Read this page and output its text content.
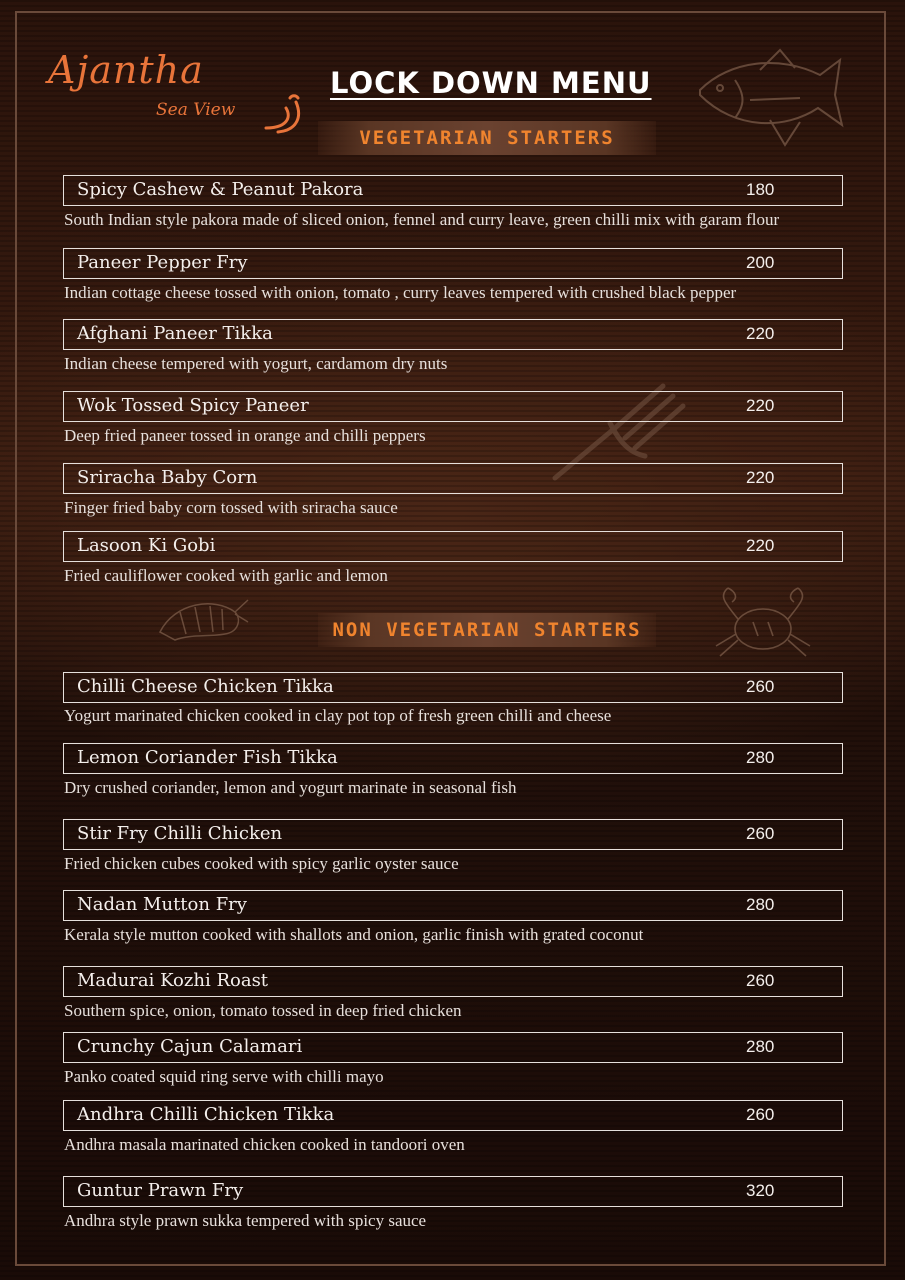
Ajantha
Sea View
LOCK DOWN MENU
VEGETARIAN STARTERS
NON VEGETARIAN STARTERS
Spicy Cashew & Peanut Pakora	180
South Indian style pakora made of sliced onion, fennel and curry leave, green chilli mix with garam flour
Paneer Pepper Fry	200
Indian cottage cheese tossed with onion, tomato , curry leaves tempered with crushed black pepper
Afghani Paneer Tikka	220
Indian cheese tempered with yogurt, cardamom dry nuts
Wok Tossed Spicy Paneer	220
Deep fried paneer tossed in orange and chilli peppers
Sriracha Baby Corn	220
Finger fried baby corn tossed with sriracha sauce
Lasoon Ki Gobi	220
Fried cauliflower cooked with garlic and lemon
Chilli Cheese Chicken Tikka	260
Yogurt marinated chicken cooked in clay pot top of fresh green chilli and cheese
Lemon Coriander Fish Tikka	280
Dry crushed coriander, lemon and yogurt marinate in seasonal fish
Stir Fry Chilli Chicken	260
Fried chicken cubes cooked with spicy garlic oyster sauce
Nadan Mutton Fry	280
Kerala style mutton cooked with shallots and onion, garlic finish with grated coconut
Madurai Kozhi Roast	260
Southern spice, onion, tomato tossed in deep fried chicken
Crunchy Cajun Calamari	280
Panko coated squid ring serve with chilli mayo
Andhra Chilli Chicken Tikka	260
Andhra masala marinated chicken cooked in tandoori oven
Guntur Prawn Fry	320
Andhra style prawn sukka tempered with spicy sauce
